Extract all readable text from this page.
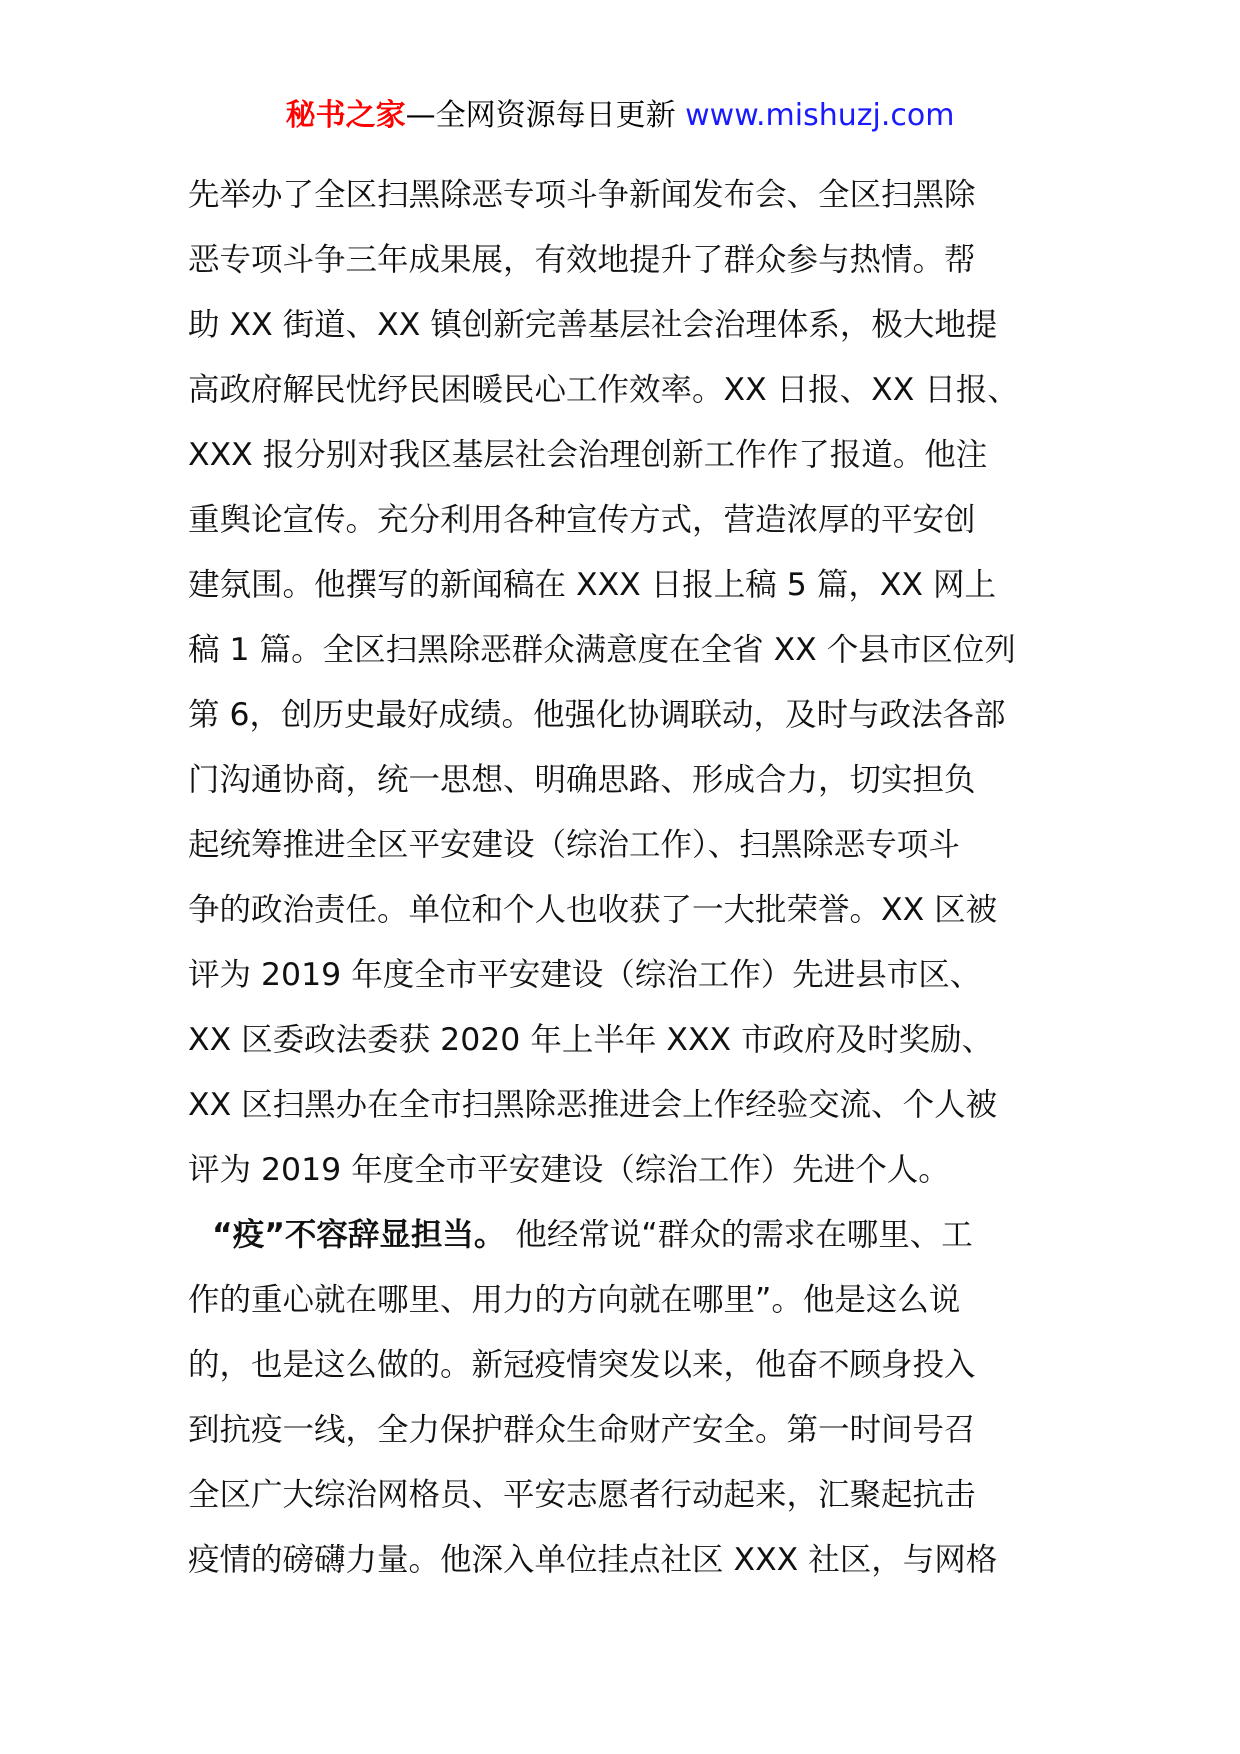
秘书之家—全网资源每日更新 www.mishuzj.com
先举办了全区扫黑除恶专项斗争新闻发布会、全区扫黑除
恶专项斗争三年成果展，有效地提升了群众参与热情。帮
助 XX 街道、XX 镇创新完善基层社会治理体系，极大地提
高政府解民忧纾民困暖民心工作效率。XX 日报、XX 日报、
XXX 报分别对我区基层社会治理创新工作作了报道。他注
重舆论宣传。充分利用各种宣传方式，营造浓厚的平安创
建氛围。他撰写的新闻稿在 XXX 日报上稿 5 篇，XX 网上
稿 1 篇。全区扫黑除恶群众满意度在全省 XX 个县市区位列
第 6，创历史最好成绩。他强化协调联动，及时与政法各部
门沟通协商，统一思想、明确思路、形成合力，切实担负
起统筹推进全区平安建设（综治工作）、扫黑除恶专项斗
争的政治责任。单位和个人也收获了一大批荣誉。XX 区被
评为 2019 年度全市平安建设（综治工作）先进县市区、
XX 区委政法委获 2020 年上半年 XXX 市政府及时奖励、
XX 区扫黑办在全市扫黑除恶推进会上作经验交流、个人被
评为 2019 年度全市平安建设（综治工作）先进个人。
“疫”不容辞显担当。 他经常说“群众的需求在哪里、工
作的重心就在哪里、用力的方向就在哪里”。他是这么说
的，也是这么做的。新冠疫情突发以来，他奋不顾身投入
到抗疫一线，全力保护群众生命财产安全。第一时间号召
全区广大综治网格员、平安志愿者行动起来，汇聚起抗击
疫情的磅礴力量。他深入单位挂点社区 XXX 社区，与网格
